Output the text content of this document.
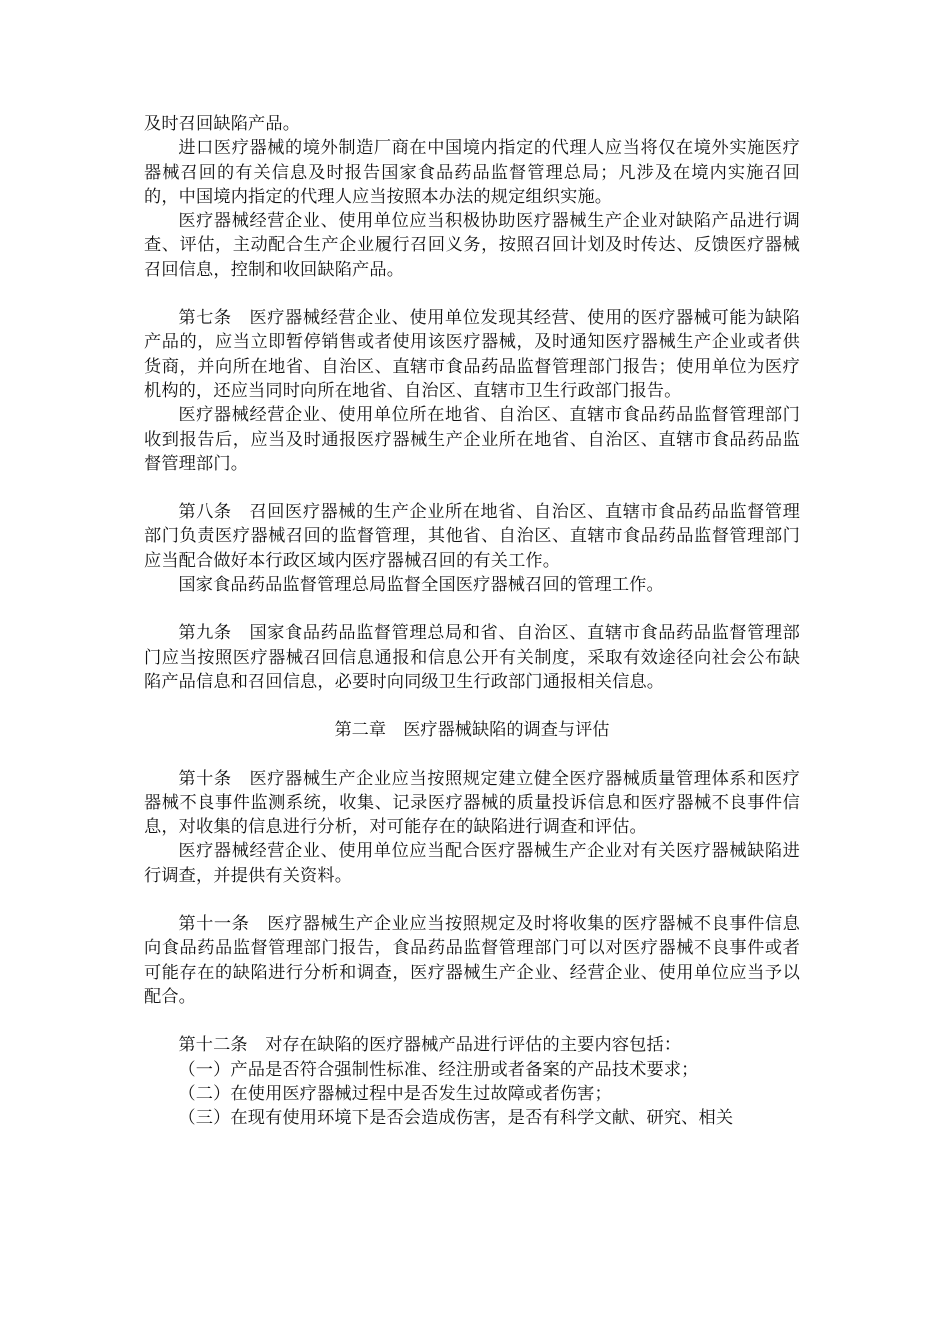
及时召回缺陷产品。

进口医疗器械的境外制造厂商在中国境内指定的代理人应当将仅在境外实施医疗器械召回的有关信息及时报告国家食品药品监督管理总局；凡涉及在境内实施召回的，中国境内指定的代理人应当按照本办法的规定组织实施。

医疗器械经营企业、使用单位应当积极协助医疗器械生产企业对缺陷产品进行调查、评估，主动配合生产企业履行召回义务，按照召回计划及时传达、反馈医疗器械召回信息，控制和收回缺陷产品。

第七条　 医疗器械经营企业、使用单位发现其经营、使用的医疗器械可能为缺陷产品的，应当立即暂停销售或者使用该医疗器械，及时通知医疗器械生产企业或者供货商，并向所在地省、自治区、直辖市食品药品监督管理部门报告；使用单位为医疗机构的，还应当同时向所在地省、自治区、直辖市卫生行政部门报告。

医疗器械经营企业、使用单位所在地省、自治区、直辖市食品药品监督管理部门收到报告后，应当及时通报医疗器械生产企业所在地省、自治区、直辖市食品药品监督管理部门。

第八条　 召回医疗器械的生产企业所在地省、自治区、直辖市食品药品监督管理部门负责医疗器械召回的监督管理，其他省、自治区、直辖市食品药品监督管理部门应当配合做好本行政区域内医疗器械召回的有关工作。

国家食品药品监督管理总局监督全国医疗器械召回的管理工作。

第九条　 国家食品药品监督管理总局和省、自治区、直辖市食品药品监督管理部门应当按照医疗器械召回信息通报和信息公开有关制度，采取有效途径向社会公布缺陷产品信息和召回信息，必要时向同级卫生行政部门通报相关信息。

第二章　医疗器械缺陷的调查与评估

第十条　 医疗器械生产企业应当按照规定建立健全医疗器械质量管理体系和医疗器械不良事件监测系统，收集、记录医疗器械的质量投诉信息和医疗器械不良事件信息，对收集的信息进行分析，对可能存在的缺陷进行调查和评估。

医疗器械经营企业、使用单位应当配合医疗器械生产企业对有关医疗器械缺陷进行调查，并提供有关资料。

第十一条　 医疗器械生产企业应当按照规定及时将收集的医疗器械不良事件信息向食品药品监督管理部门报告，食品药品监督管理部门可以对医疗器械不良事件或者可能存在的缺陷进行分析和调查，医疗器械生产企业、经营企业、使用单位应当予以配合。

第十二条　 对存在缺陷的医疗器械产品进行评估的主要内容包括：

（一）产品是否符合强制性标准、经注册或者备案的产品技术要求；

（二）在使用医疗器械过程中是否发生过故障或者伤害；

（三）在现有使用环境下是否会造成伤害，是否有科学文献、研究、相关
